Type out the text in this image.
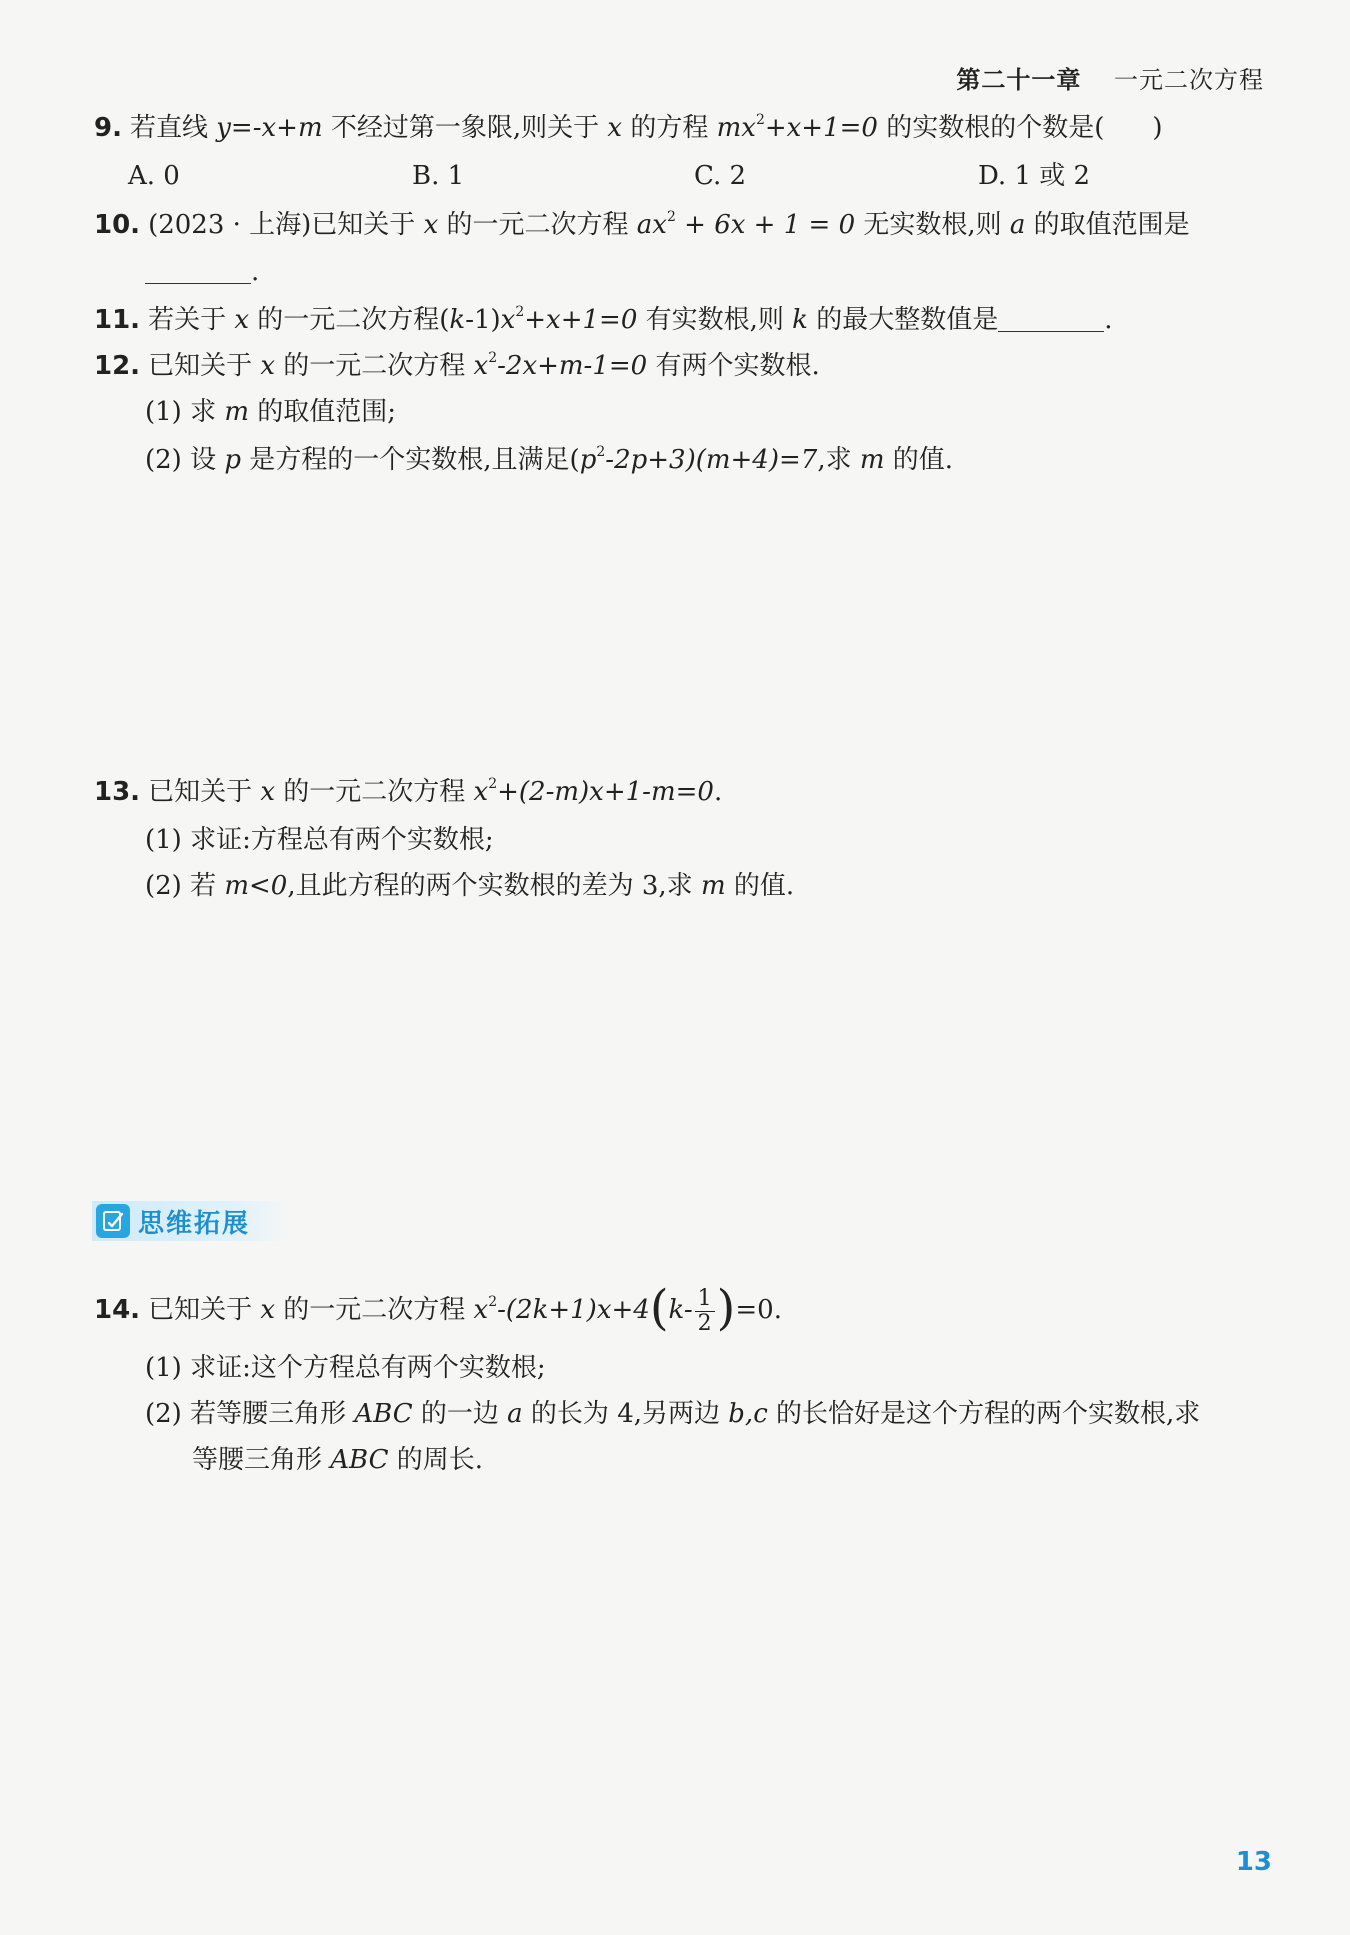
第二十一章 一元二次方程
9. 若直线 y=-x+m 不经过第一象限,则关于 x 的方程 $mx^2+x+1=0$ 的实数根的个数是( )
A. 0	B. 1	C. 2	D. 1 或 2
10. (2023 · 上海)已知关于 x 的一元二次方程 $ax^2 + 6x + 1 = 0$ 无实数根,则 a 的取值范围是
.
11. 若关于 x 的一元二次方程$(k-1)x^2+x+1=0$ 有实数根,则 k 的最大整数值是	.
12. 已知关于 x 的一元二次方程 $x^2-2x+m-1=0$ 有两个实数根.
(1) 求 m 的取值范围;
(2) 设 p 是方程的一个实数根,且满足$(p^2-2p+3)(m+4)=7$,求 m 的值.
13. 已知关于 x 的一元二次方程 $x^2+(2-m)x+1-m=0$.
(1) 求证:方程总有两个实数根;
(2) 若 m<0,且此方程的两个实数根的差为 3,求 m 的值.
思维拓展
14. 已知关于 x 的一元二次方程 $x^2-(2k+1)x+4(k- \frac{1}{2} )=0$.
(1) 求证:这个方程总有两个实数根;
(2) 若等腰三角形 ABC 的一边 a 的长为 4,另两边 b,c 的长恰好是这个方程的两个实数根,求
等腰三角形 ABC 的周长.
13
